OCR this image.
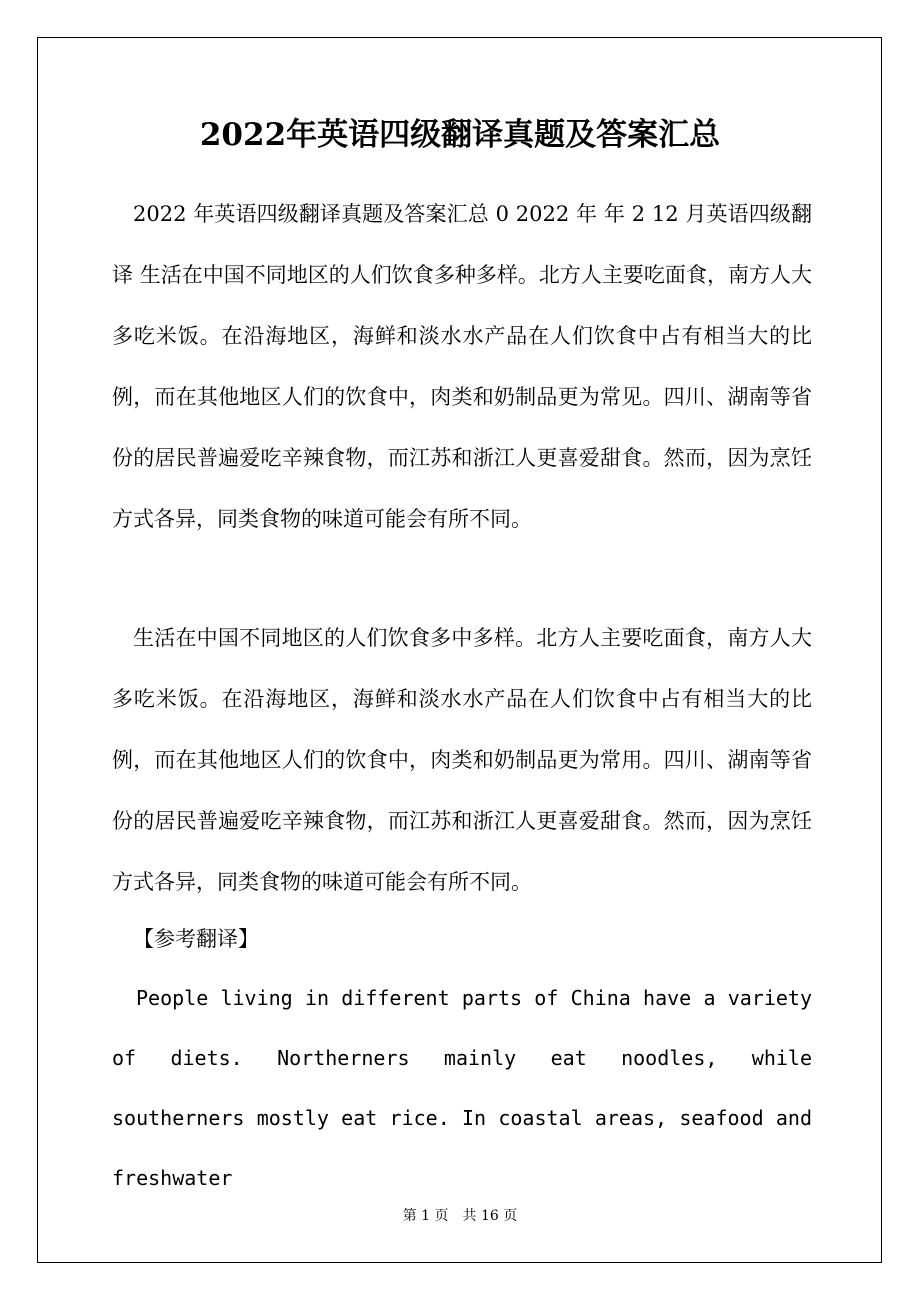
2022年英语四级翻译真题及答案汇总

2022 年英语四级翻译真题及答案汇总 0 2022 年 年 2 12 月英语四级翻译 生活在中国不同地区的人们饮食多种多样。北方人主要吃面食，南方人大多吃米饭。在沿海地区，海鲜和淡水水产品在人们饮食中占有相当大的比例，而在其他地区人们的饮食中，肉类和奶制品更为常见。四川、湖南等省份的居民普遍爱吃辛辣食物，而江苏和浙江人更喜爱甜食。然而，因为烹饪方式各异，同类食物的味道可能会有所不同。

生活在中国不同地区的人们饮食多中多样。北方人主要吃面食，南方人大多吃米饭。在沿海地区，海鲜和淡水水产品在人们饮食中占有相当大的比例，而在其他地区人们的饮食中，肉类和奶制品更为常用。四川、湖南等省份的居民普遍爱吃辛辣食物，而江苏和浙江人更喜爱甜食。然而，因为烹饪方式各异，同类食物的味道可能会有所不同。

【参考翻译】

People living in different parts of China have a variety of diets. Northerners mainly eat noodles, while southerners mostly eat rice. In coastal areas, seafood and freshwater

第 1 页　共 16 页
